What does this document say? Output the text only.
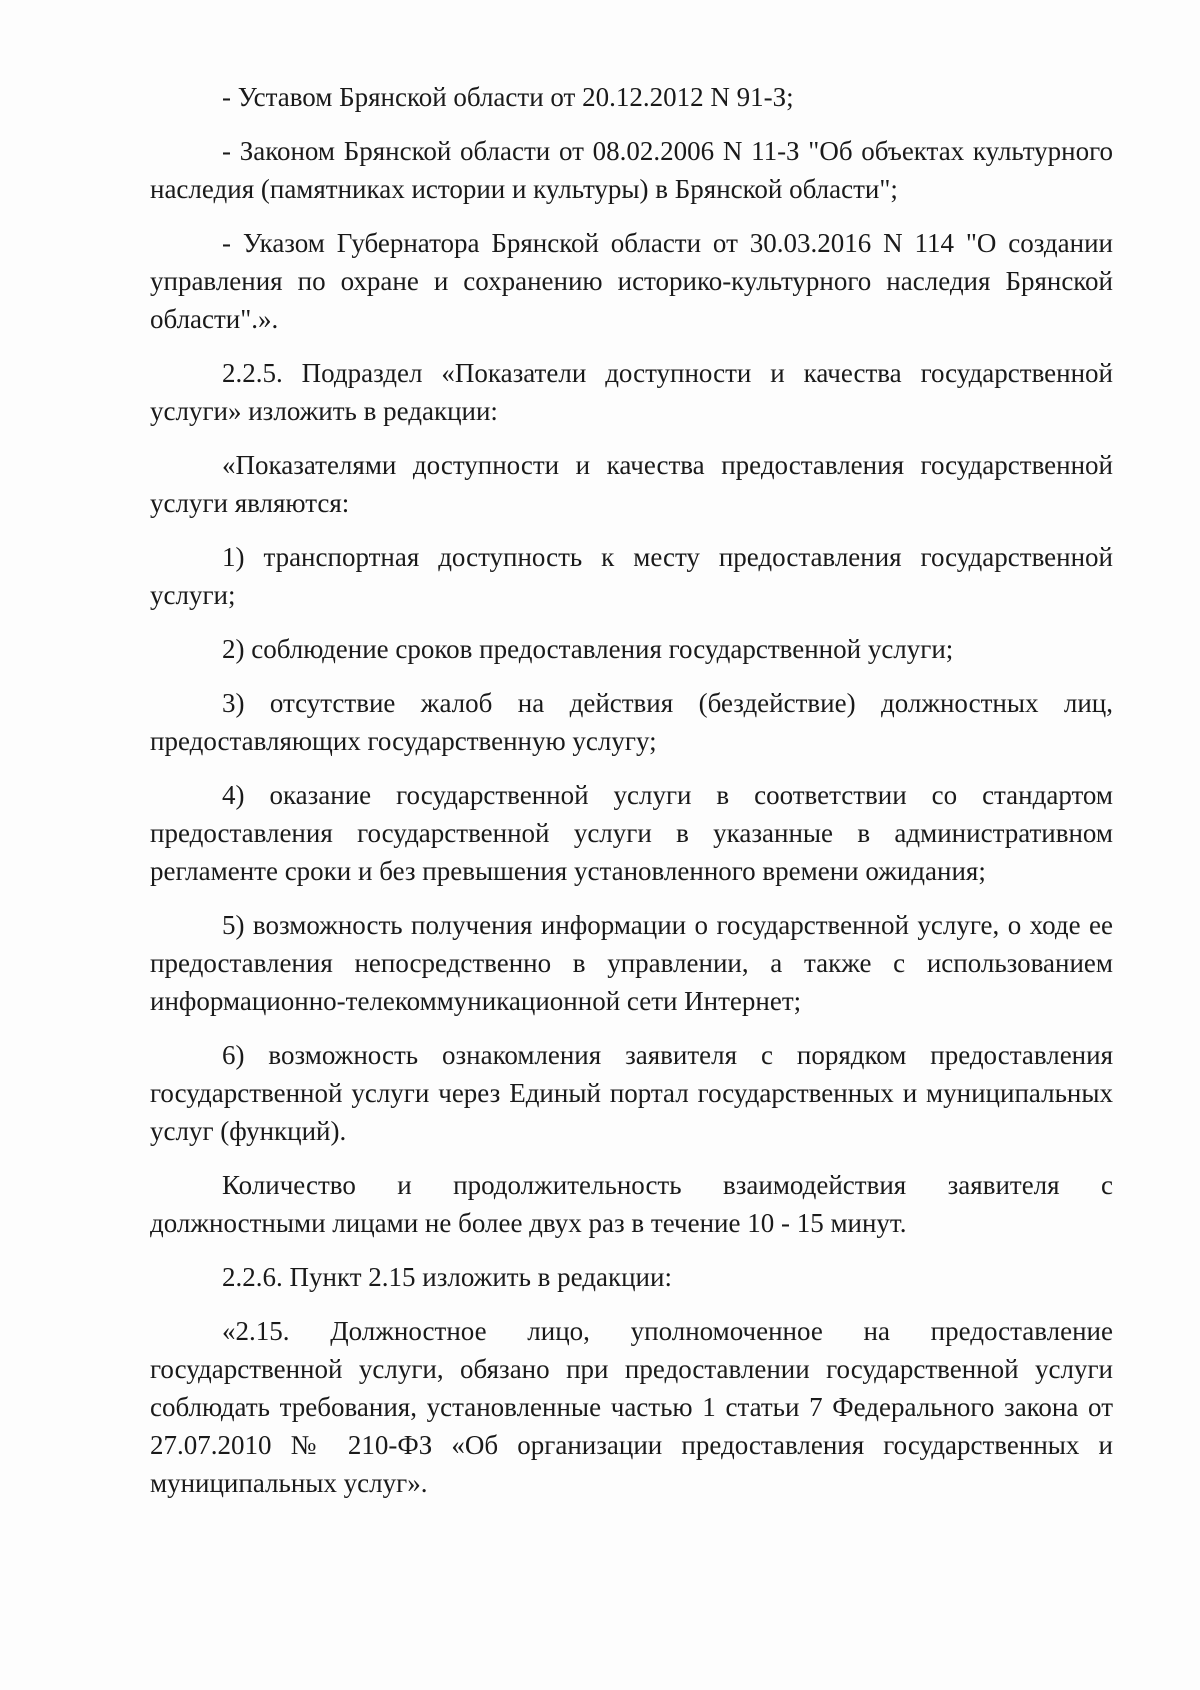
- Уставом Брянской области от 20.12.2012 N 91-З;

- Законом Брянской области от 08.02.2006 N 11-З "Об объектах культурного наследия (памятниках истории и культуры) в Брянской области";

- Указом Губернатора Брянской области от 30.03.2016 N 114 "О создании управления по охране и сохранению историко-культурного наследия Брянской области".».

2.2.5. Подраздел «Показатели доступности и качества государственной услуги» изложить в редакции:

«Показателями доступности и качества предоставления государственной услуги являются:

1) транспортная доступность к месту предоставления государственной услуги;

2) соблюдение сроков предоставления государственной услуги;

3) отсутствие жалоб на действия (бездействие) должностных лиц, предоставляющих государственную услугу;

4) оказание государственной услуги в соответствии со стандартом предоставления государственной услуги в указанные в административном регламенте сроки и без превышения установленного времени ожидания;

5) возможность получения информации о государственной услуге, о ходе ее предоставления непосредственно в управлении, а также с использованием информационно-телекоммуникационной сети Интернет;

6) возможность ознакомления заявителя с порядком предоставления государственной услуги через Единый портал государственных и муниципальных услуг (функций).

Количество и продолжительность взаимодействия заявителя с должностными лицами не более двух раз в течение 10 - 15 минут.

2.2.6. Пункт 2.15 изложить в редакции:

«2.15. Должностное лицо, уполномоченное на предоставление государственной услуги, обязано при предоставлении государственной услуги соблюдать требования, установленные частью 1 статьи 7 Федерального закона от 27.07.2010 № 210-ФЗ «Об организации предоставления государственных и муниципальных услуг».
